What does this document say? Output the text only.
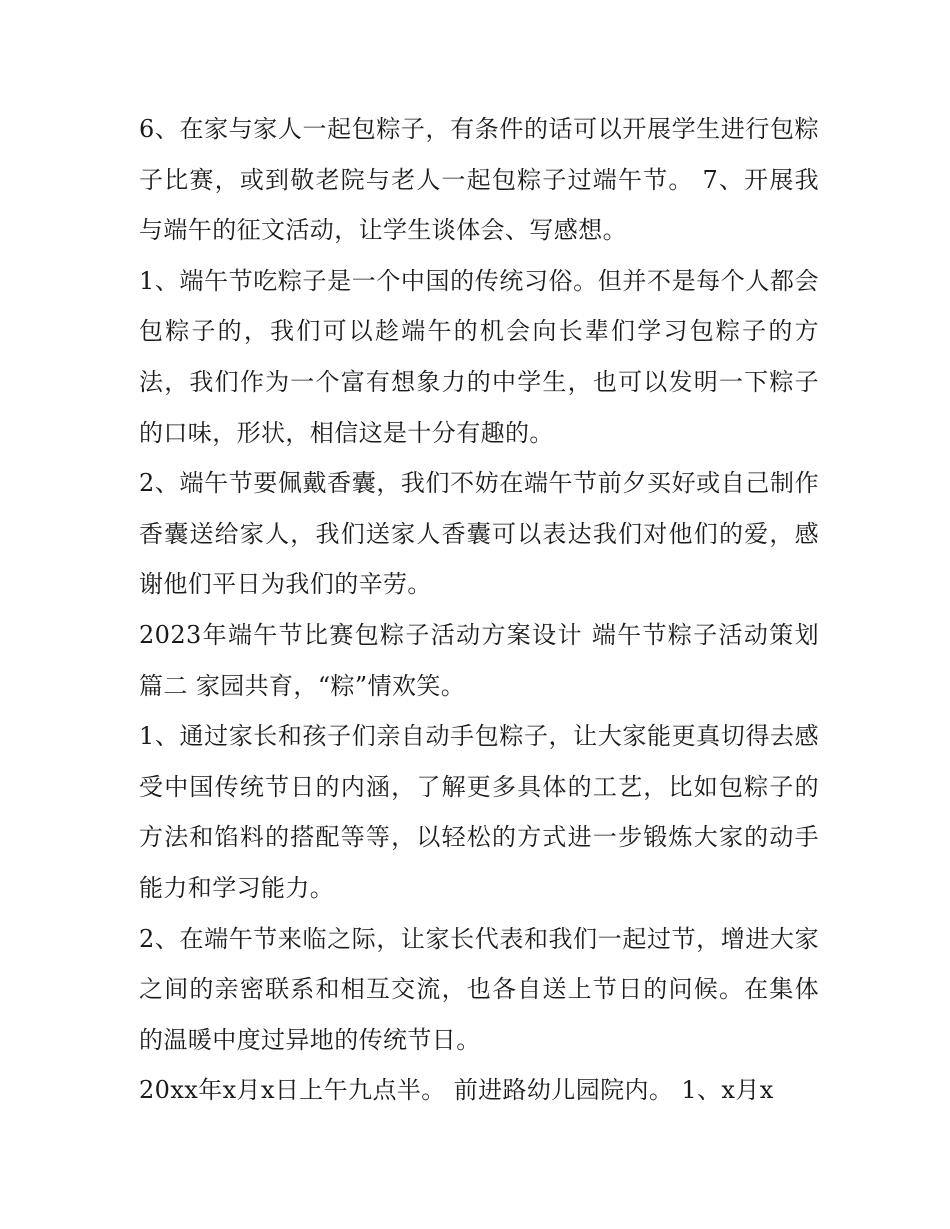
6、在家与家人一起包粽子，有条件的话可以开展学生进行包粽子比赛，或到敬老院与老人一起包粽子过端午节。 7、开展我与端午的征文活动，让学生谈体会、写感想。

1、端午节吃粽子是一个中国的传统习俗。但并不是每个人都会包粽子的，我们可以趁端午的机会向长辈们学习包粽子的方法，我们作为一个富有想象力的中学生，也可以发明一下粽子的口味，形状，相信这是十分有趣的。

2、端午节要佩戴香囊，我们不妨在端午节前夕买好或自己制作香囊送给家人，我们送家人香囊可以表达我们对他们的爱，感谢他们平日为我们的辛劳。

2023年端午节比赛包粽子活动方案设计 端午节粽子活动策划篇二 家园共育，“粽”情欢笑。

1、通过家长和孩子们亲自动手包粽子，让大家能更真切得去感受中国传统节日的内涵，了解更多具体的工艺，比如包粽子的方法和馅料的搭配等等，以轻松的方式进一步锻炼大家的动手能力和学习能力。

2、在端午节来临之际，让家长代表和我们一起过节，增进大家之间的亲密联系和相互交流，也各自送上节日的问候。在集体的温暖中度过异地的传统节日。

20xx年x月x日上午九点半。 前进路幼儿园院内。 1、x月x
